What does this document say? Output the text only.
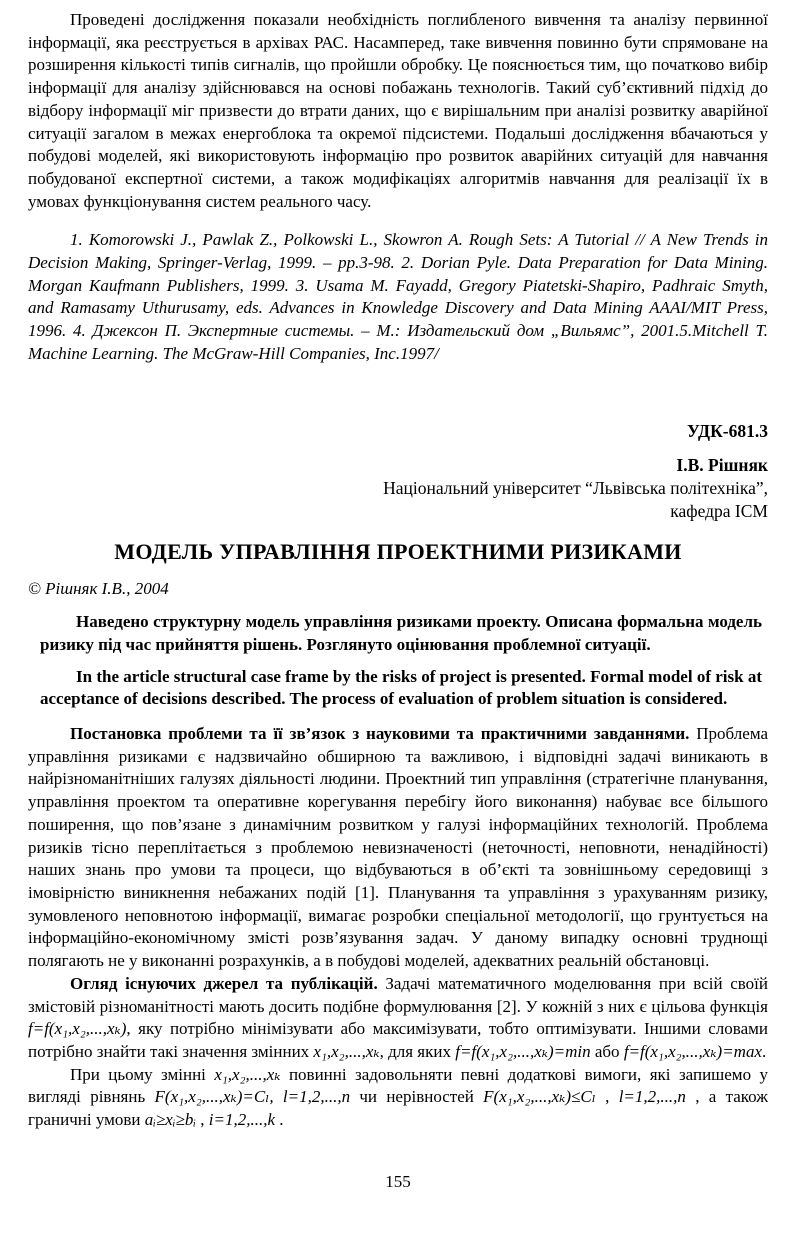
Проведені дослідження показали необхідність поглибленого вивчення та аналізу первинної інформації, яка реєструється в архівах РАС. Насамперед, таке вивчення повинно бути спрямоване на розширення кількості типів сигналів, що пройшли обробку. Це пояснюється тим, що початково вибір інформації для аналізу здійснювався на основі побажань технологів. Такий суб’єктивний підхід до відбору інформації міг призвести до втрати даних, що є вирішальним при аналізі розвитку аварійної ситуації загалом в межах енергоблока та окремої підсистеми. Подальші дослідження вбачаються у побудові моделей, які використовують інформацію про розвиток аварійних ситуацій для навчання побудованої експертної системи, а також модифікаціях алгоритмів навчання для реалізації їх в умовах функціонування систем реального часу.

1. Komorowski J., Pawlak Z., Polkowski L., Skowron A. Rough Sets: A Tutorial // A New Trends in Decision Making, Springer-Verlag, 1999. – pp.3-98. 2. Dorian Pyle. Data Preparation for Data Mining. Morgan Kaufmann Publishers, 1999. 3. Usama M. Fayadd, Gregory Piatetski-Shapiro, Padhraic Smyth, and Ramasamy Uthurusamy, eds. Advances in Knowledge Discovery and Data Mining AAAI/MIT Press, 1996. 4. Джексон П. Экспертные системы. – М.: Издательский дом „Вильямс”, 2001.5.Mitchell T. Machine Learning. The McGraw-Hill Companies, Inc.1997/

УДК-681.3
І.В. Рішняк
Національний університет “Львівська політехніка”,
кафедра ІСМ
МОДЕЛЬ УПРАВЛІННЯ ПРОЕКТНИМИ РИЗИКАМИ
© Рішняк І.В., 2004

Наведено структурну модель управління ризиками проекту. Описана формальна модель ризику під час прийняття рішень. Розглянуто оцінювання проблемної ситуації.

In the article structural case frame by the risks of project is presented. Formal model of risk at acceptance of decisions described. The process of evaluation of problem situation is considered.

Постановка проблеми та її зв’язок з науковими та практичними завданнями. Проблема управління ризиками є надзвичайно обширною та важливою, і відповідні задачі виникають в найрізноманітніших галузях діяльності людини. Проектний тип управління (стратегічне планування, управління проектом та оперативне корегування перебігу його виконання) набуває все більшого поширення, що пов’язане з динамічним розвитком у галузі інформаційних технологій. Проблема ризиків тісно переплітається з проблемою невизначеності (неточності, неповноти, ненадійності) наших знань про умови та процеси, що відбуваються в об’єкті та зовнішньому середовищі з імовірністю виникнення небажаних подій [1]. Планування та управління з урахуванням ризику, зумовленого неповнотою інформації, вимагає розробки спеціальної методології, що грунтується на інформаційно-економічному змісті розв’язування задач. У даному випадку основні труднощі полягають не у виконанні розрахунків, а в побудові моделей, адекватних реальній обстановці.

Огляд існуючих джерел та публікацій. Задачі математичного моделювання при всій своїй змістовій різноманітності мають досить подібне формулювання [2]. У кожній з них є цільова функція f=f(x₁,x₂,...,xₖ), яку потрібно мінімізувати або максимізувати, тобто оптимізувати. Іншими словами потрібно знайти такі значення змінних x₁,x₂,...,xₖ, для яких f=f(x₁,x₂,...,xₖ)=min або f=f(x₁,x₂,...,xₖ)=max.

При цьому змінні x₁,x₂,...,xₖ повинні задовольняти певні додаткові вимоги, які запишемо у вигляді рівнянь F(x₁,x₂,...,xₖ)=Cₗ, l=1,2,...,n чи нерівностей F(x₁,x₂,...,xₖ)≤Cₗ , l=1,2,...,n , а також граничні умови aᵢ≥xᵢ≥bᵢ , i=1,2,...,k .

155
